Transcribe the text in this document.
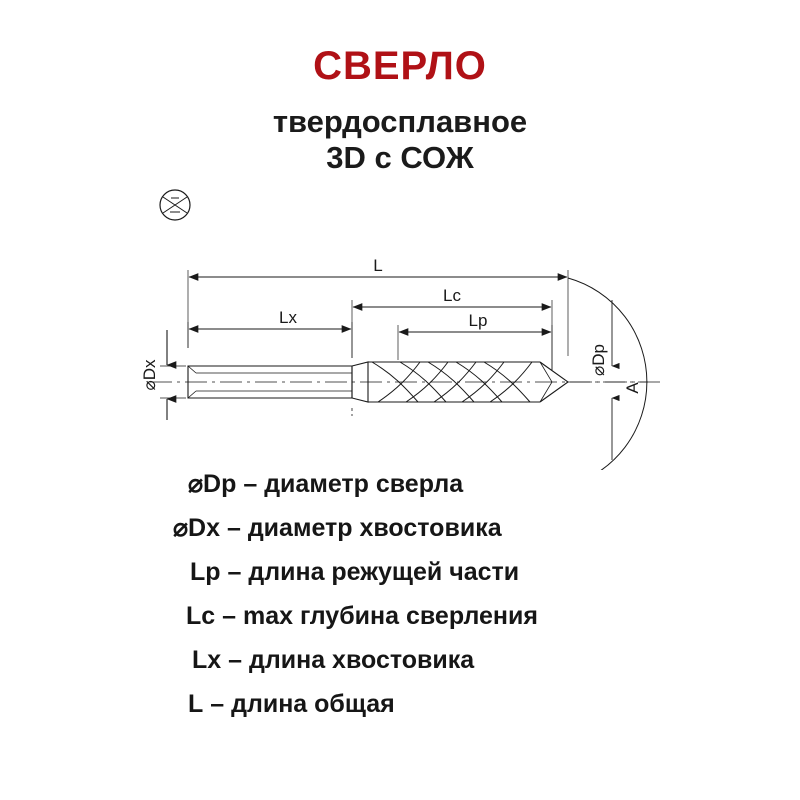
СВЕРЛО
твердосплавное
3D с СОЖ
L
Lc
Lx	Lp
⌀Dx	⌀Dp
A
⌀Dp – диаметр сверла
⌀Dx – диаметр хвостовика
Lp – длина режущей части
Lc – max глубина сверления
Lx – длина хвостовика
L – длина общая
